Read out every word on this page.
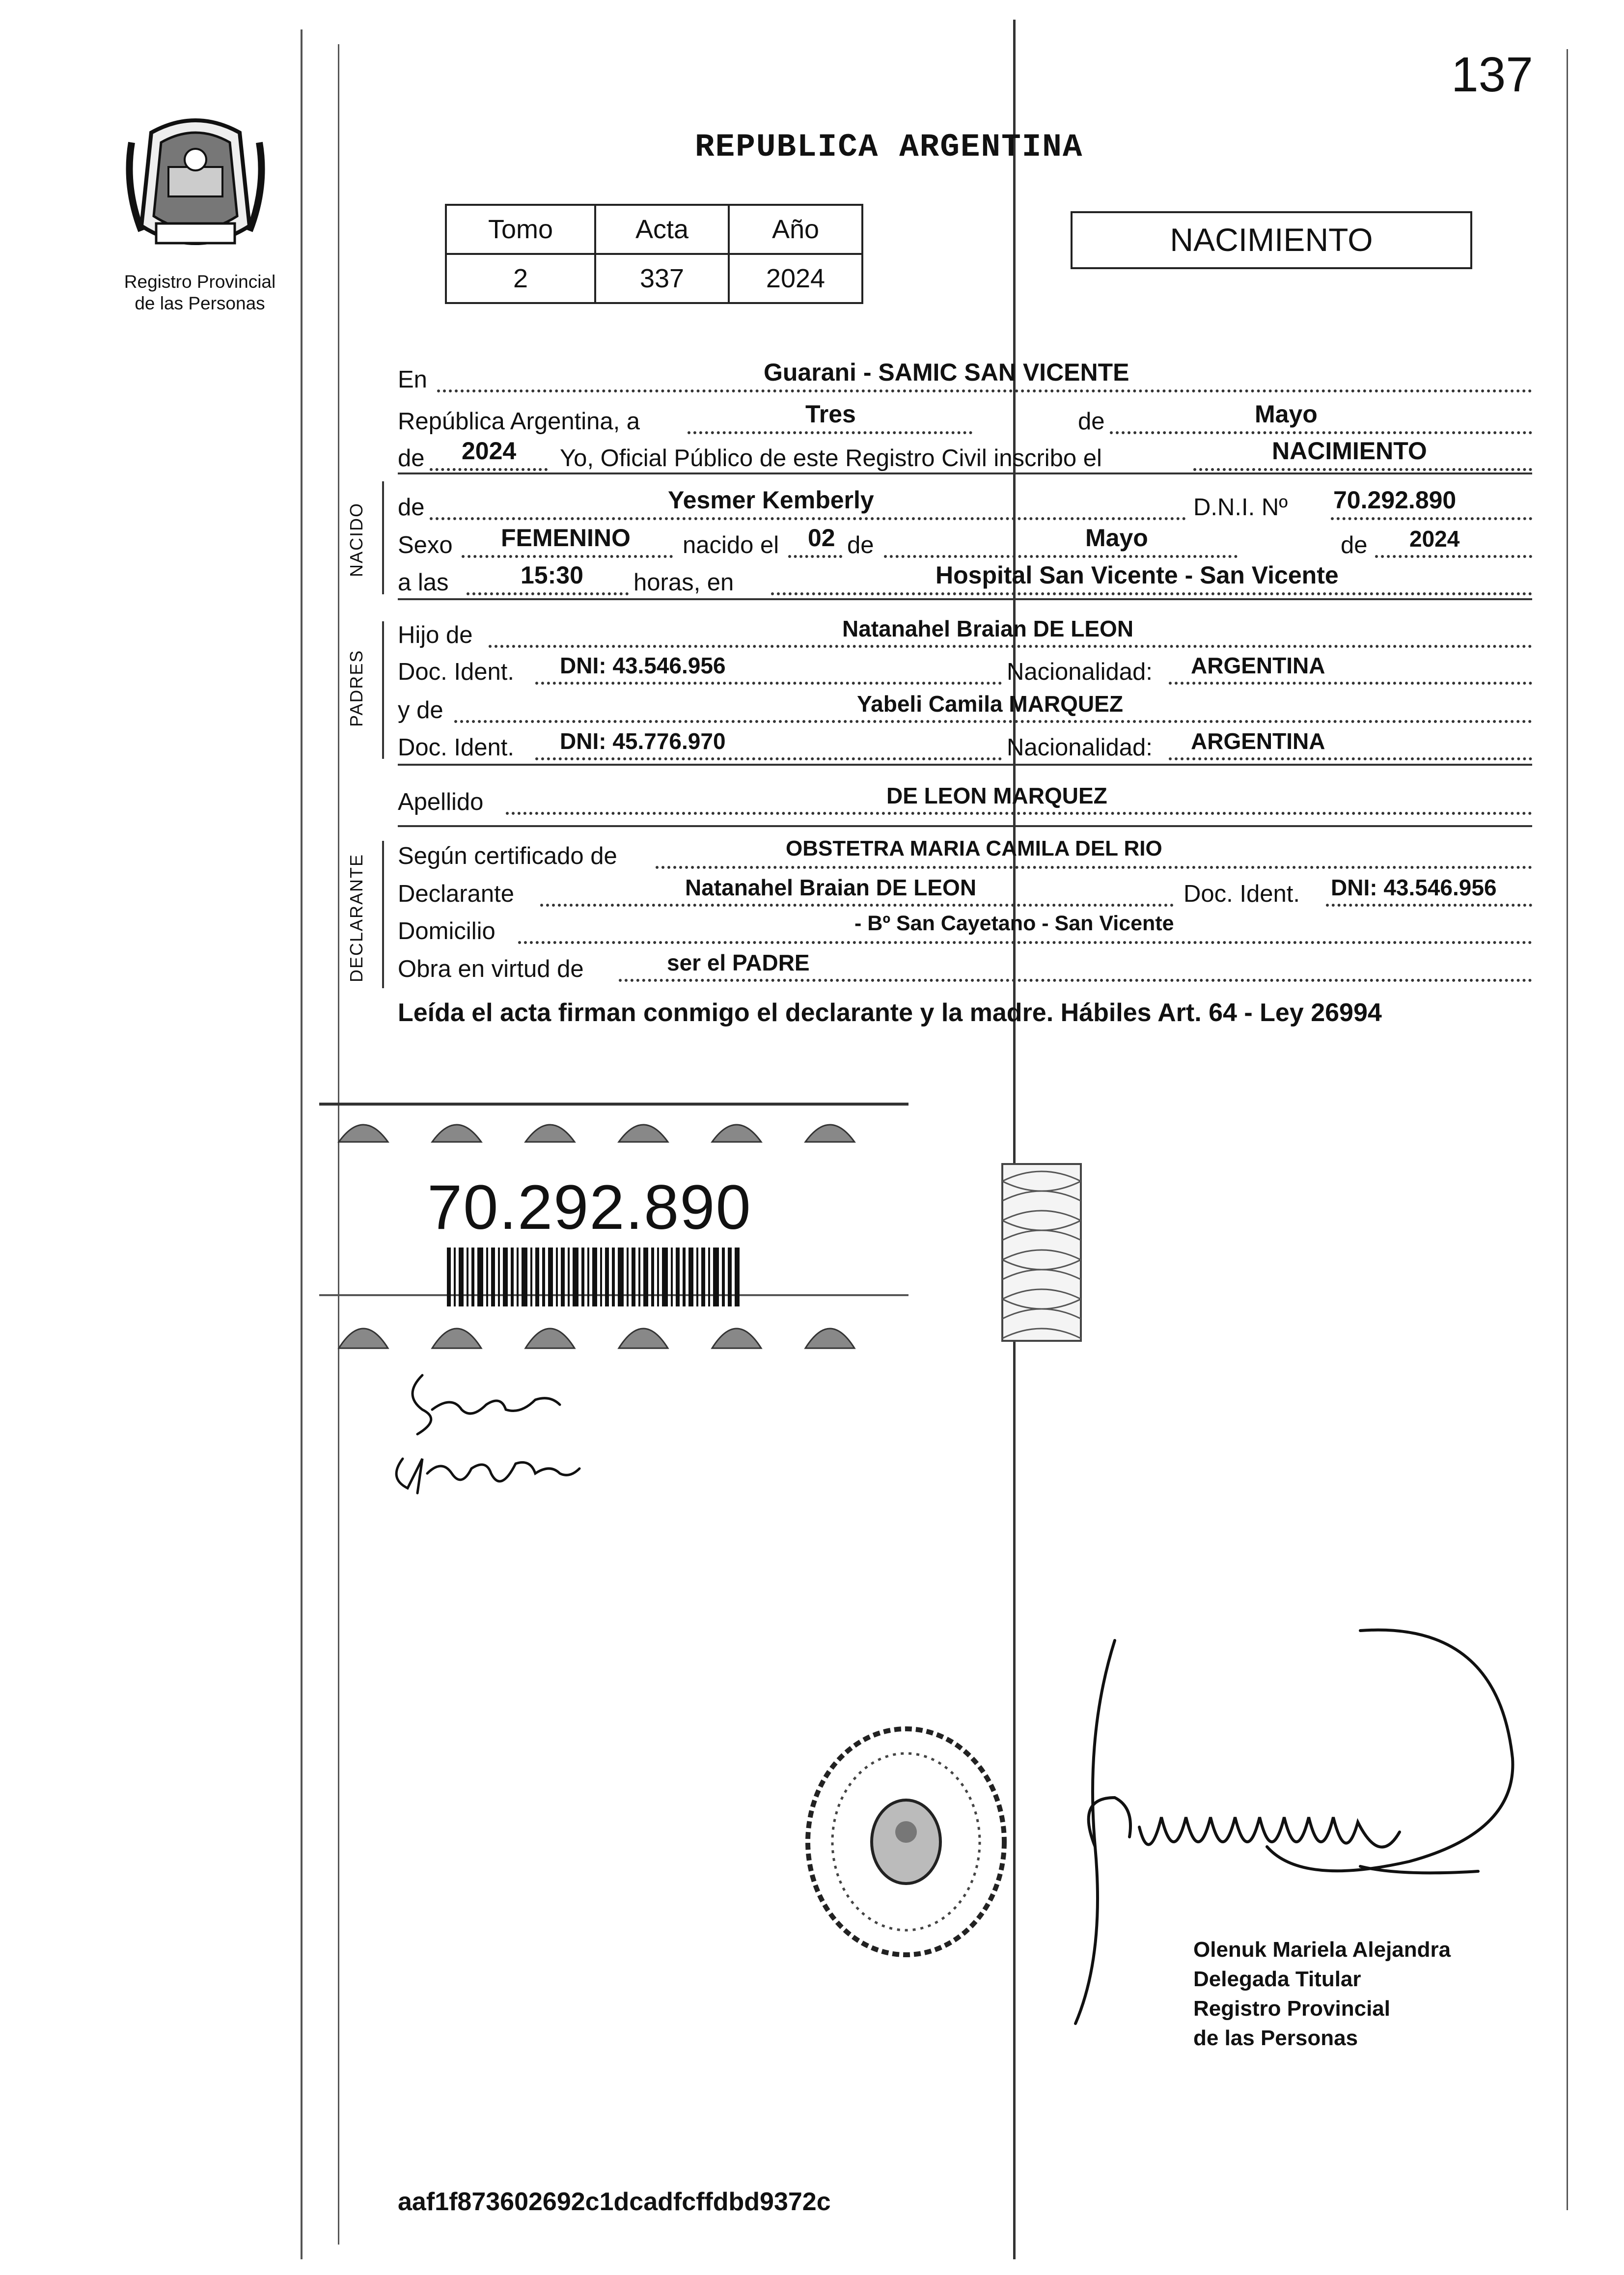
137
Registro Provincial
de las Personas
REPUBLICA ARGENTINA
Tomo	Acta	Año
2	337	2024
NACIMIENTO
En	Guarani - SAMIC SAN VICENTE
República Argentina, a	Tres	de	Mayo
de 2024 Yo, Oficial Público de este Registro Civil inscribo el	NACIMIENTO
NACIDO de	Yesmer Kemberly	D.N.I. Nº 70.292.890
Sexo FEMENINO nacido el 02 de	Mayo	de 2024
a las	15:30 horas, en	Hospital San Vicente - San Vicente
PADRES
Hijo de	Natanahel Braian DE LEON
Doc. Ident. DNI: 43.546.956	Nacionalidad: ARGENTINA
y de	Yabeli Camila MARQUEZ
Doc. Ident. DNI: 45.776.970	Nacionalidad: ARGENTINA
Apellido	DE LEON MARQUEZ
DECLARANTE Según certificado de	OBSTETRA MARIA CAMILA DEL RIO
Declarante	Natanahel Braian DE LEON	Doc. Ident. DNI: 43.546.956
Domicilio	- Bº San Cayetano - San Vicente
Obra en virtud de	ser el PADRE
Leída el acta firman conmigo el declarante y la madre. Hábiles Art. 64 - Ley 26994
70.292.890
Olenuk Mariela Alejandra
Delegada Titular
Registro Provincial
de las Personas
aaf1f873602692c1dcadfcffdbd9372c
